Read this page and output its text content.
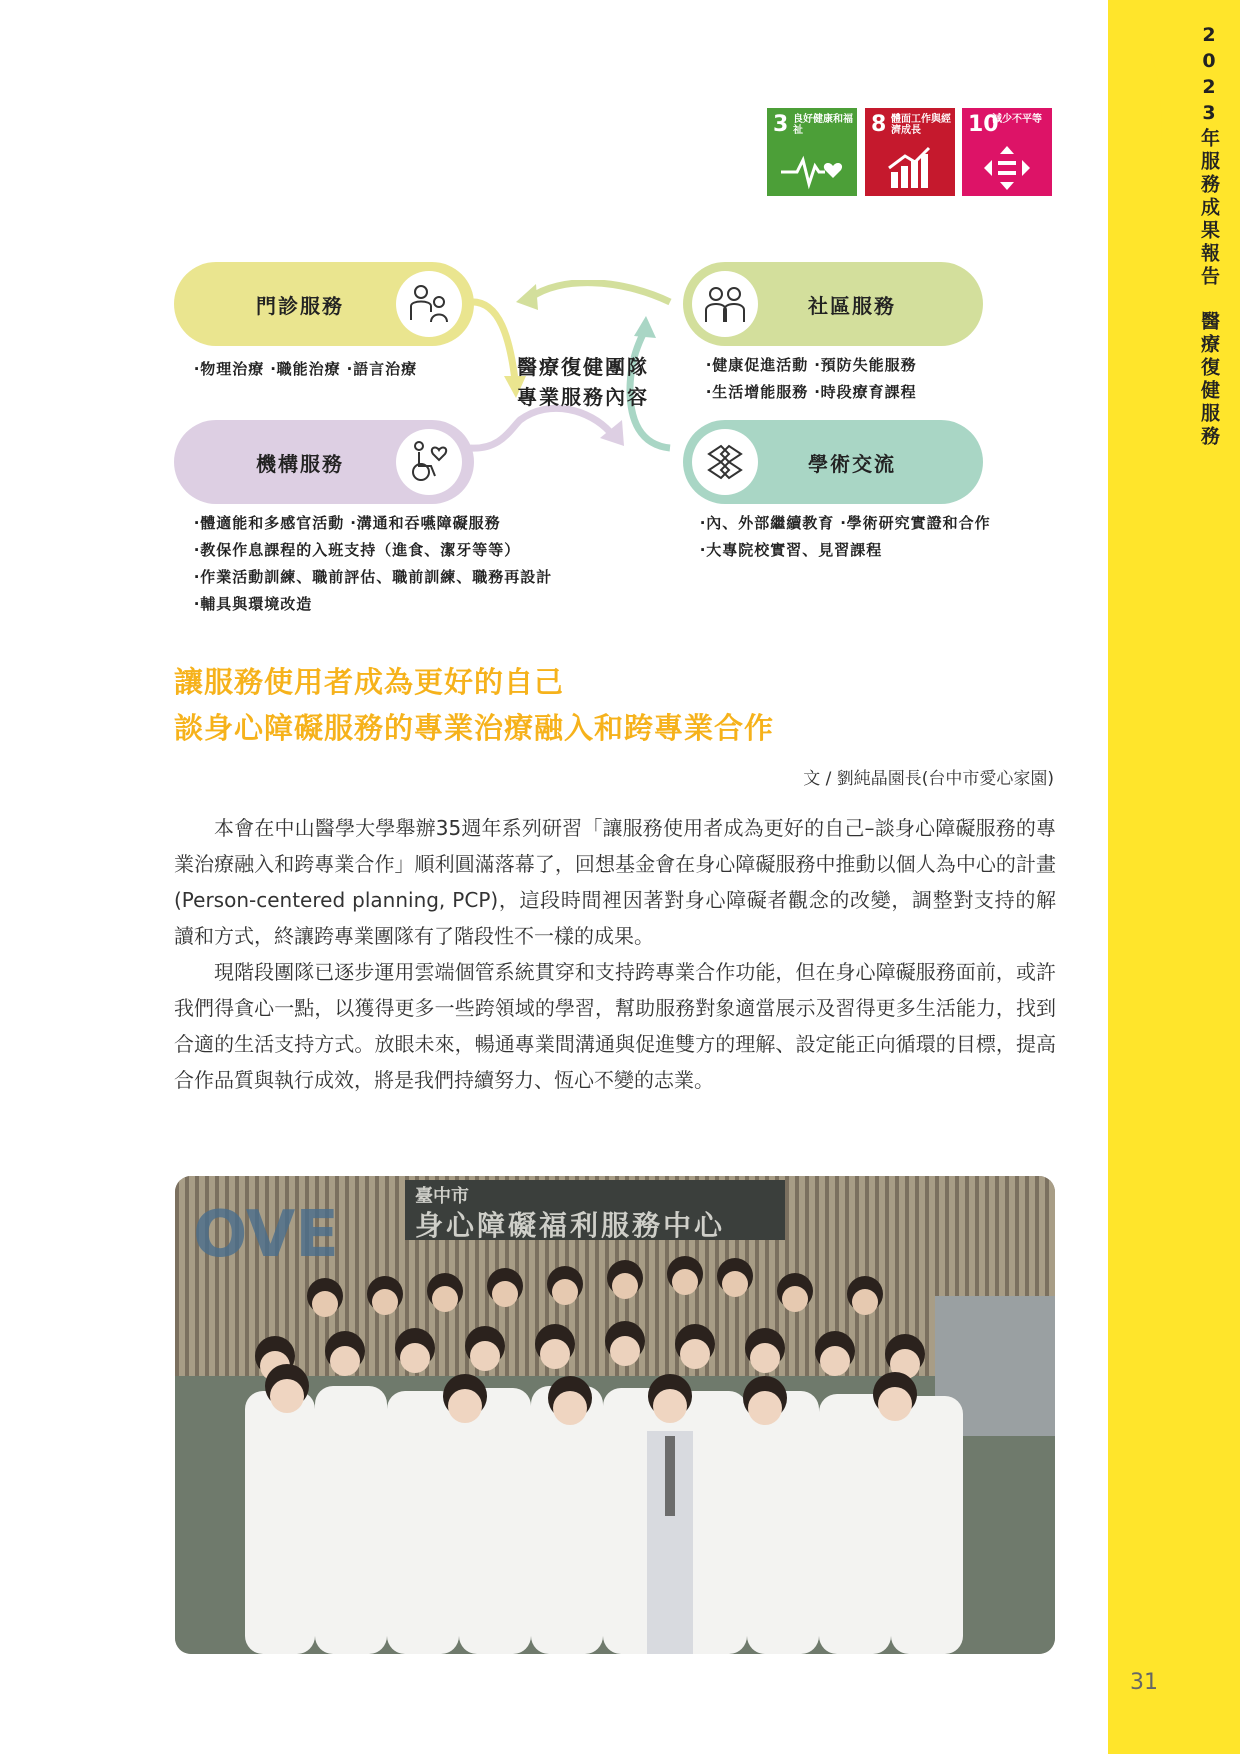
2023年服務成果報告醫療復健服務
3 良好健康和福祉	8 體面工作與經濟成長	10
減少不平等
門診服務	社區服務
機構服務	學術交流
醫療復健團隊
專業服務內容
‧物理治療 ‧職能治療 ‧語言治療	‧健康促進活動 ‧預防失能服務
‧生活增能服務 ‧時段療育課程
‧體適能和多感官活動 ‧溝通和吞嚥障礙服務
‧教保作息課程的入班支持（進食、潔牙等等）
‧作業活動訓練、職前評估、職前訓練、職務再設計
‧輔具與環境改造
‧內、外部繼續教育 ‧學術研究實證和合作
‧大專院校實習、見習課程
讓服務使用者成為更好的自己
談身心障礙服務的專業治療融入和跨專業合作
文 / 劉純晶園長(台中市愛心家園)

本會在中山醫學大學舉辦35週年系列研習「讓服務使用者成為更好的自己–談身心障礙服務的專業治療融入和跨專業合作」順利圓滿落幕了，回想基金會在身心障礙服務中推動以個人為中心的計畫(Person-centered planning, PCP)，這段時間裡因著對身心障礙者觀念的改變，調整對支持的解讀和方式，終讓跨專業團隊有了階段性不一樣的成果。

現階段團隊已逐步運用雲端個管系統貫穿和支持跨專業合作功能，但在身心障礙服務面前，或許我們得貪心一點，以獲得更多一些跨領域的學習，幫助服務對象適當展示及習得更多生活能力，找到合適的生活支持方式。放眼未來，暢通專業間溝通與促進雙方的理解、設定能正向循環的目標，提高合作品質與執行成效，將是我們持續努力、恆心不變的志業。

OVE
臺中市
身心障礙福利服務中心
31
